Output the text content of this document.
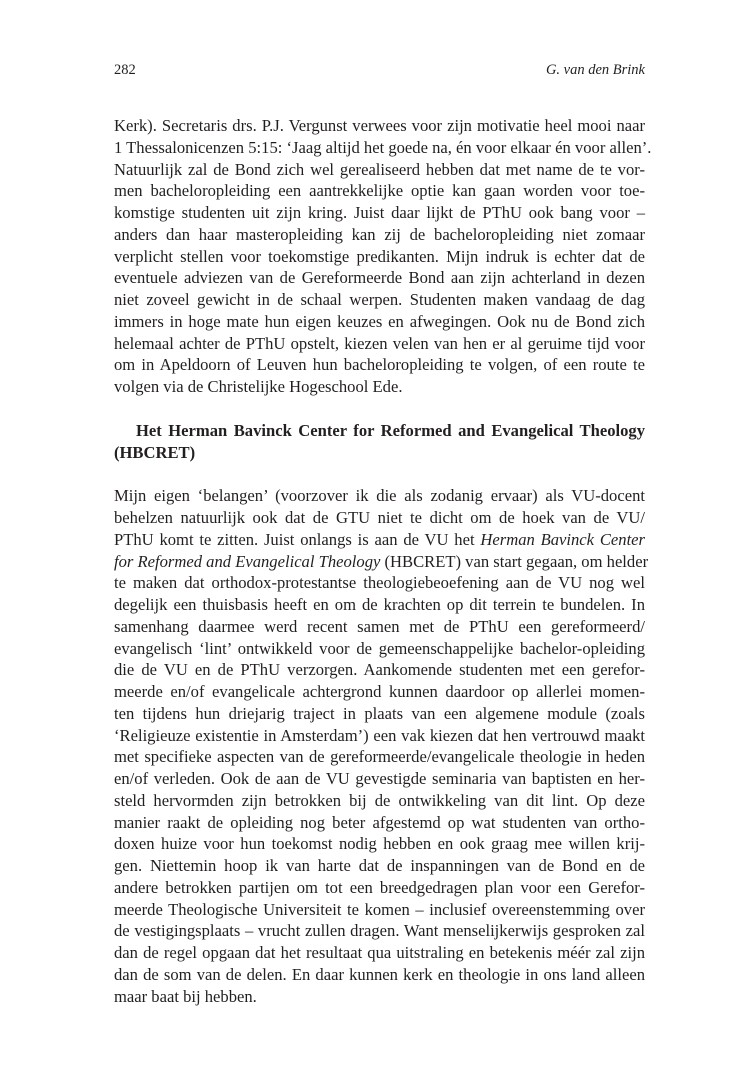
282	G. van den Brink
Kerk). Secretaris drs. P.J. Vergunst verwees voor zijn motivatie heel mooi naar
1 Thessalonicenzen 5:15: ‘Jaag altijd het goede na, én voor elkaar én voor allen’.
Natuurlijk zal de Bond zich wel gerealiseerd hebben dat met name de te vor-
men bacheloropleiding een aantrekkelijke optie kan gaan worden voor toe-
komstige studenten uit zijn kring. Juist daar lijkt de PThU ook bang voor –
anders dan haar masteropleiding kan zij de bacheloropleiding niet zomaar
verplicht stellen voor toekomstige predikanten. Mijn indruk is echter dat de
eventuele adviezen van de Gereformeerde Bond aan zijn achterland in dezen
niet zoveel gewicht in de schaal werpen. Studenten maken vandaag de dag
immers in hoge mate hun eigen keuzes en afwegingen. Ook nu de Bond zich
helemaal achter de PThU opstelt, kiezen velen van hen er al geruime tijd voor
om in Apeldoorn of Leuven hun bacheloropleiding te volgen, of een route te
volgen via de Christelijke Hogeschool Ede.
Het Herman Bavinck Center for Reformed and Evangelical Theology
(HBCRET)
Mijn eigen ‘belangen’ (voorzover ik die als zodanig ervaar) als VU-docent
behelzen natuurlijk ook dat de GTU niet te dicht om de hoek van de VU/
PThU komt te zitten. Juist onlangs is aan de VU het Herman Bavinck Center
for Reformed and Evangelical Theology (HBCRET) van start gegaan, om helder
te maken dat orthodox-protestantse theologiebeoefening aan de VU nog wel
degelijk een thuisbasis heeft en om de krachten op dit terrein te bundelen. In
samenhang daarmee werd recent samen met de PThU een gereformeerd/
evangelisch ‘lint’ ontwikkeld voor de gemeenschappelijke bachelor-opleiding
die de VU en de PThU verzorgen. Aankomende studenten met een gerefor-
meerde en/of evangelicale achtergrond kunnen daardoor op allerlei momen-
ten tijdens hun driejarig traject in plaats van een algemene module (zoals
‘Religieuze existentie in Amsterdam’) een vak kiezen dat hen vertrouwd maakt
met specifieke aspecten van de gereformeerde/evangelicale theologie in heden
en/of verleden. Ook de aan de VU gevestigde seminaria van baptisten en her-
steld hervormden zijn betrokken bij de ontwikkeling van dit lint. Op deze
manier raakt de opleiding nog beter afgestemd op wat studenten van ortho-
doxen huize voor hun toekomst nodig hebben en ook graag mee willen krij-
gen. Niettemin hoop ik van harte dat de inspanningen van de Bond en de
andere betrokken partijen om tot een breedgedragen plan voor een Gerefor-
meerde Theologische Universiteit te komen – inclusief overeenstemming over
de vestigingsplaats – vrucht zullen dragen. Want menselijkerwijs gesproken zal
dan de regel opgaan dat het resultaat qua uitstraling en betekenis méér zal zijn
dan de som van de delen. En daar kunnen kerk en theologie in ons land alleen
maar baat bij hebben.
